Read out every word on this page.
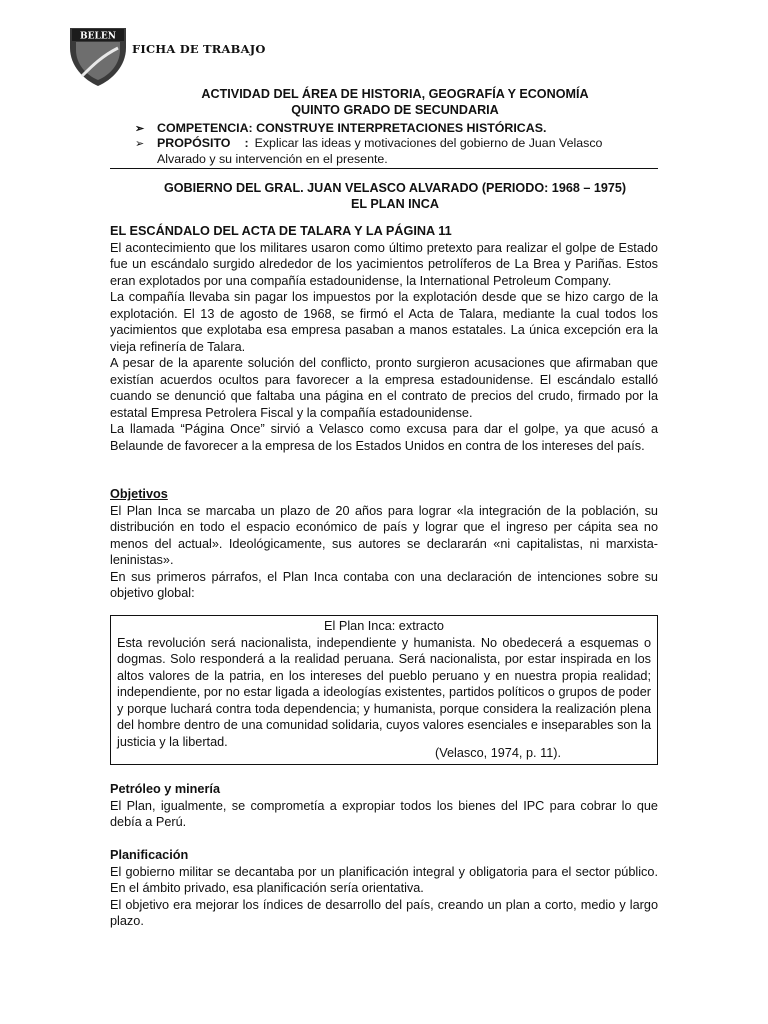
BELEN
FICHA DE TRABAJO
ACTIVIDAD DEL ÁREA DE HISTORIA, GEOGRAFÍA Y ECONOMÍA
QUINTO GRADO DE SECUNDARIA
➢ COMPETENCIA: CONSTRUYE INTERPRETACIONES HISTÓRICAS.
➢ PROPÓSITO : Explicar las ideas y motivaciones del gobierno de Juan Velasco
Alvarado y su intervención en el presente.
GOBIERNO DEL GRAL. JUAN VELASCO ALVARADO (PERIODO: 1968 – 1975)
EL PLAN INCA

EL ESCÁNDALO DEL ACTA DE TALARA Y LA PÁGINA 11

El acontecimiento que los militares usaron como último pretexto para realizar el golpe de Estado fue un escándalo surgido alrededor de los yacimientos petrolíferos de La Brea y Pariñas. Estos eran explotados por una compañía estadounidense, la International Petroleum Company.

La compañía llevaba sin pagar los impuestos por la explotación desde que se hizo cargo de la explotación. El 13 de agosto de 1968, se firmó el Acta de Talara, mediante la cual todos los yacimientos que explotaba esa empresa pasaban a manos estatales. La única excepción era la vieja refinería de Talara.

A pesar de la aparente solución del conflicto, pronto surgieron acusaciones que afirmaban que existían acuerdos ocultos para favorecer a la empresa estadounidense. El escándalo estalló cuando se denunció que faltaba una página en el contrato de precios del crudo, firmado por la estatal Empresa Petrolera Fiscal y la compañía estadounidense.

La llamada “Página Once” sirvió a Velasco como excusa para dar el golpe, ya que acusó a Belaunde de favorecer a la empresa de los Estados Unidos en contra de los intereses del país.

Objetivos

El Plan Inca se marcaba un plazo de 20 años para lograr «la integración de la población, su distribución en todo el espacio económico de país y lograr que el ingreso per cápita sea no menos del actual». Ideológicamente, sus autores se declararán «ni capitalistas, ni marxista-leninistas».

En sus primeros párrafos, el Plan Inca contaba con una declaración de intenciones sobre su objetivo global:

El Plan Inca: extracto
Esta revolución será nacionalista, independiente y humanista. No obedecerá a esquemas o dogmas. Solo responderá a la realidad peruana. Será nacionalista, por estar inspirada en los altos valores de la patria, en los intereses del pueblo peruano y en nuestra propia realidad; independiente, por no estar ligada a ideologías existentes, partidos políticos o grupos de poder y porque luchará contra toda dependencia; y humanista, porque considera la realización plena del hombre dentro de una comunidad solidaria, cuyos valores esenciales e inseparables son la justicia y la libertad.
(Velasco, 1974, p. 11).

Petróleo y minería

El Plan, igualmente, se comprometía a expropiar todos los bienes del IPC para cobrar lo que debía a Perú.

Planificación

El gobierno militar se decantaba por un planificación integral y obligatoria para el sector público. En el ámbito privado, esa planificación sería orientativa.

El objetivo era mejorar los índices de desarrollo del país, creando un plan a corto, medio y largo plazo.
